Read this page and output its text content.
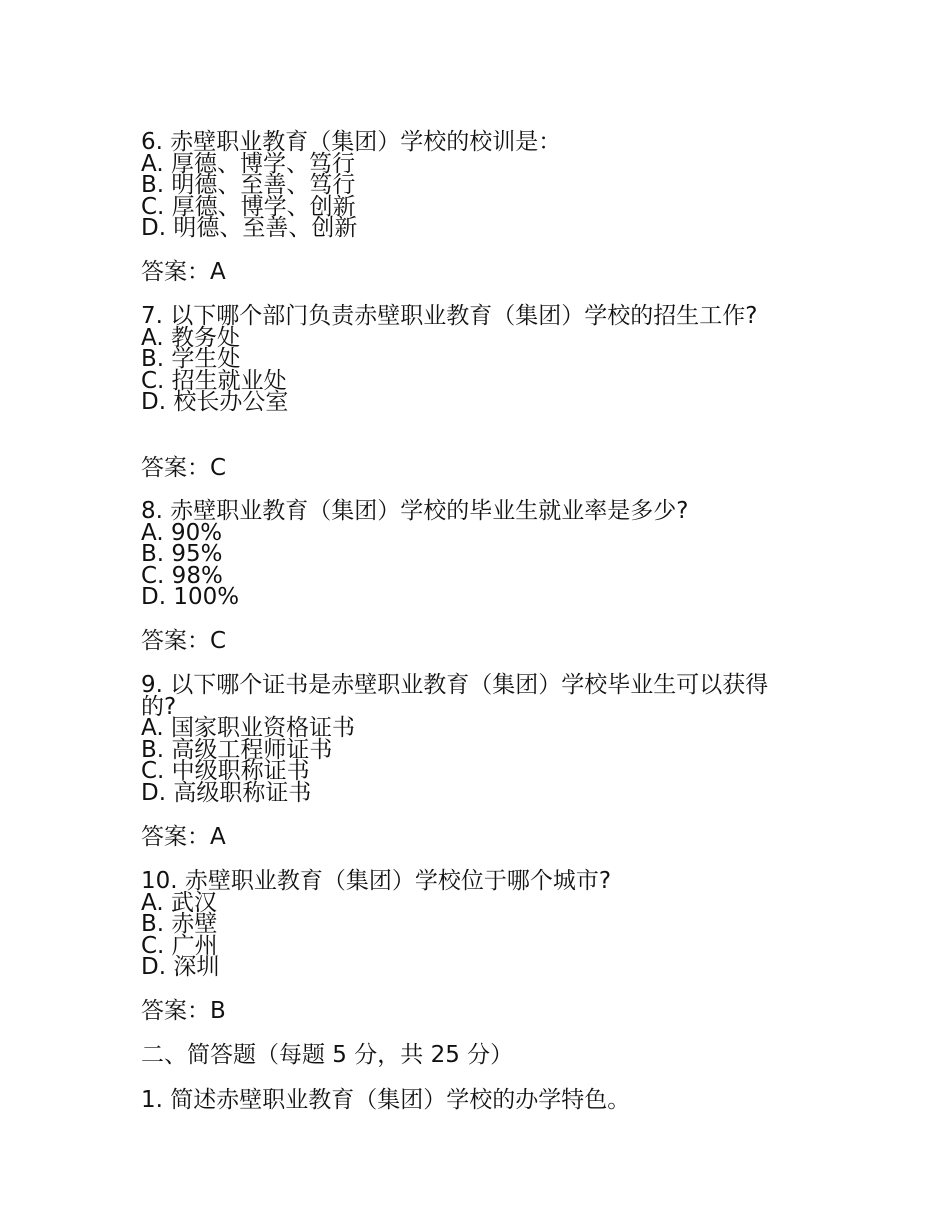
6. 赤壁职业教育（集团）学校的校训是：

A. 厚德、博学、笃行

B. 明德、至善、笃行

C. 厚德、博学、创新

D. 明德、至善、创新

答案：A

7. 以下哪个部门负责赤壁职业教育（集团）学校的招生工作?

A. 教务处

B. 学生处

C. 招生就业处

D. 校长办公室

答案：C

8. 赤壁职业教育（集团）学校的毕业生就业率是多少?

A. 90%

B. 95%

C. 98%

D. 100%

答案：C

9. 以下哪个证书是赤壁职业教育（集团）学校毕业生可以获得的?

A. 国家职业资格证书

B. 高级工程师证书

C. 中级职称证书

D. 高级职称证书

答案：A

10. 赤壁职业教育（集团）学校位于哪个城市?

A. 武汉

B. 赤壁

C. 广州

D. 深圳

答案：B

二、简答题（每题 5 分，共 25 分）

1. 简述赤壁职业教育（集团）学校的办学特色。
